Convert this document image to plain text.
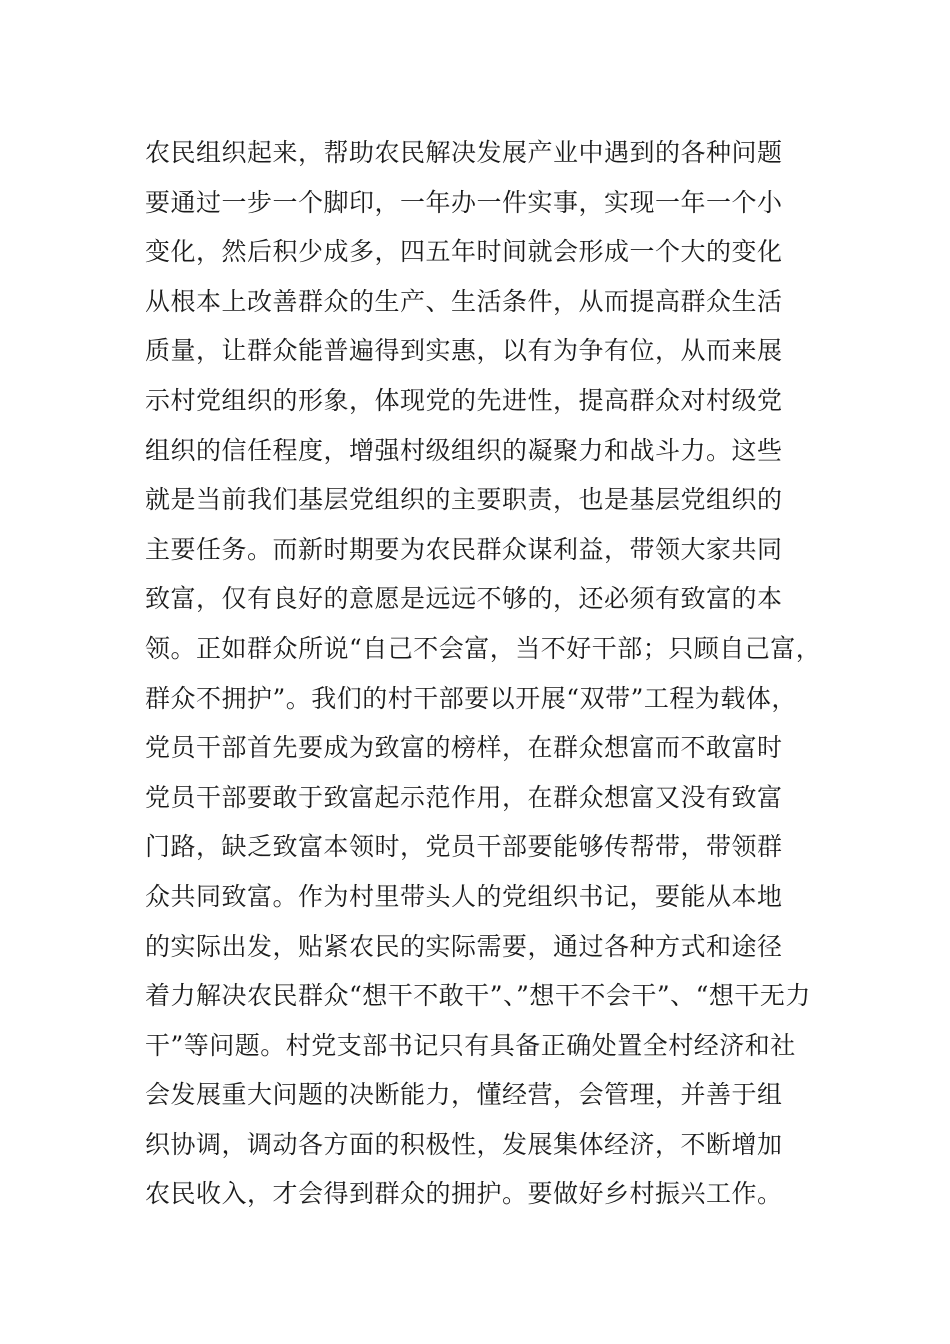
农民组织起来，帮助农民解决发展产业中遇到的各种问题
要通过一步一个脚印，一年办一件实事，实现一年一个小
变化，然后积少成多，四五年时间就会形成一个大的变化
从根本上改善群众的生产、生活条件，从而提高群众生活
质量，让群众能普遍得到实惠，以有为争有位，从而来展
示村党组织的形象，体现党的先进性，提高群众对村级党
组织的信任程度，增强村级组织的凝聚力和战斗力。这些
就是当前我们基层党组织的主要职责，也是基层党组织的
主要任务。而新时期要为农民群众谋利益，带领大家共同
致富，仅有良好的意愿是远远不够的，还必须有致富的本
领。正如群众所说“自己不会富，当不好干部；只顾自己富，
群众不拥护”。我们的村干部要以开展“双带”工程为载体，
党员干部首先要成为致富的榜样，在群众想富而不敢富时
党员干部要敢于致富起示范作用，在群众想富又没有致富
门路，缺乏致富本领时，党员干部要能够传帮带，带领群
众共同致富。作为村里带头人的党组织书记，要能从本地
的实际出发，贴紧农民的实际需要，通过各种方式和途径
着力解决农民群众“想干不敢干”、”想干不会干”、“想干无力
干”等问题。村党支部书记只有具备正确处置全村经济和社
会发展重大问题的决断能力，懂经营，会管理，并善于组
织协调，调动各方面的积极性，发展集体经济，不断增加
农民收入，才会得到群众的拥护。要做好乡村振兴工作。
